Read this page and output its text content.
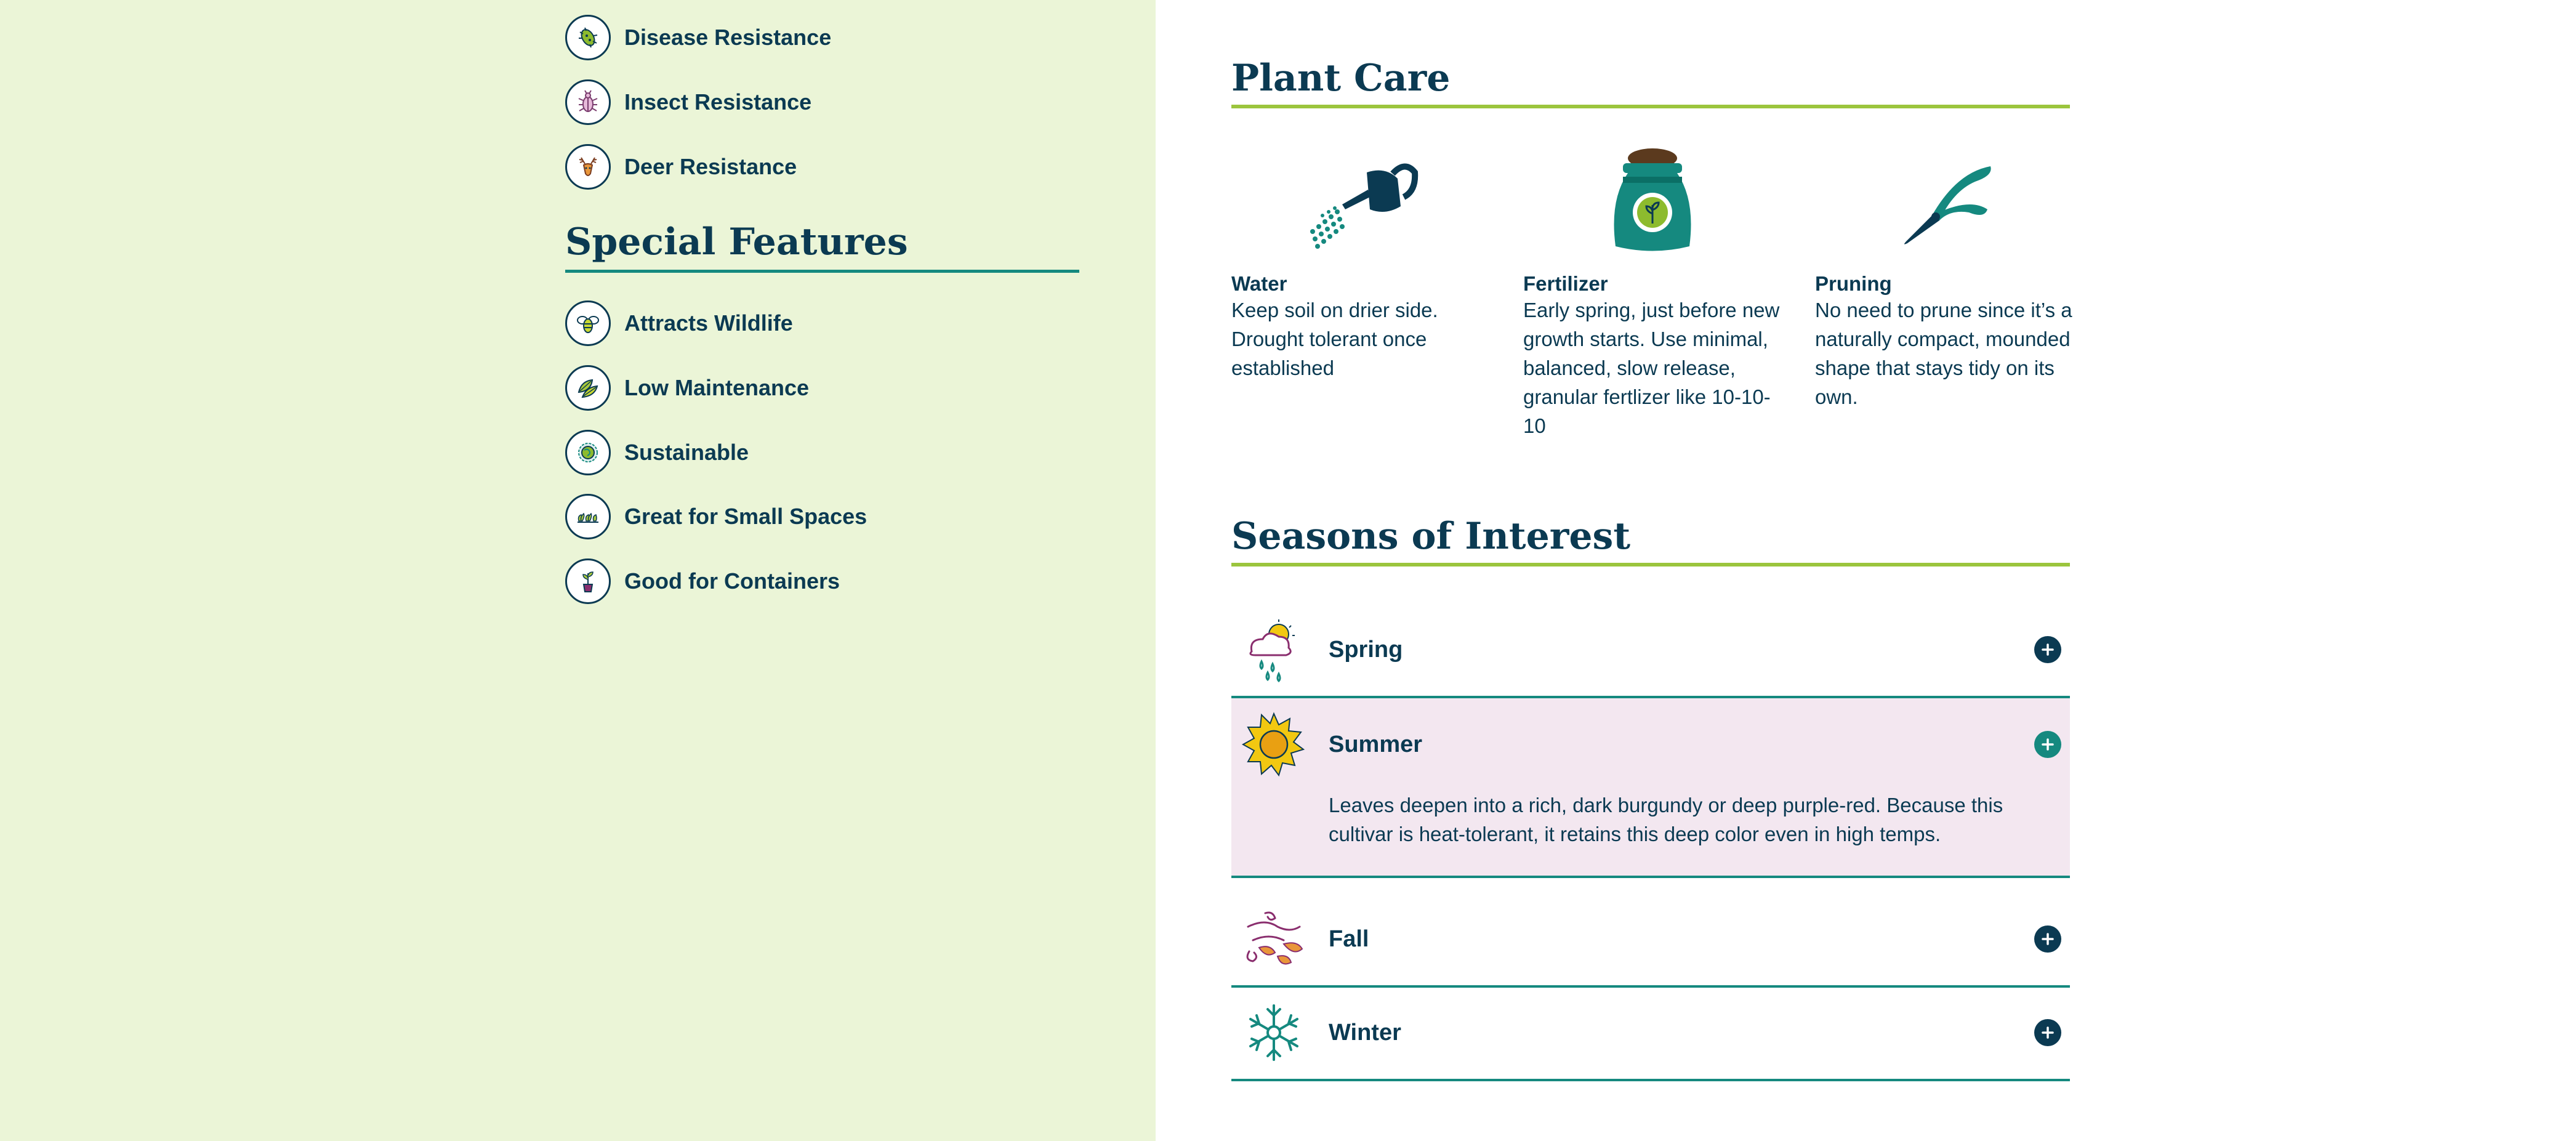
Disease Resistance
Insect Resistance
Deer Resistance
Special Features
Attracts Wildlife
Low Maintenance
Sustainable
Great for Small Spaces
Good for Containers
Plant Care
Water
Keep soil on drier side. Drought tolerant once established
Fertilizer
Early spring, just before new growth starts. Use minimal, balanced, slow release, granular fertlizer like 10-10-10
Pruning
No need to prune since it’s a naturally compact, mounded shape that stays tidy on its own.
Seasons of Interest
Spring
Summer
Leaves deepen into a rich, dark burgundy or deep purple-red. Because this cultivar is heat-tolerant, it retains this deep color even in high temps.
Fall
Winter
